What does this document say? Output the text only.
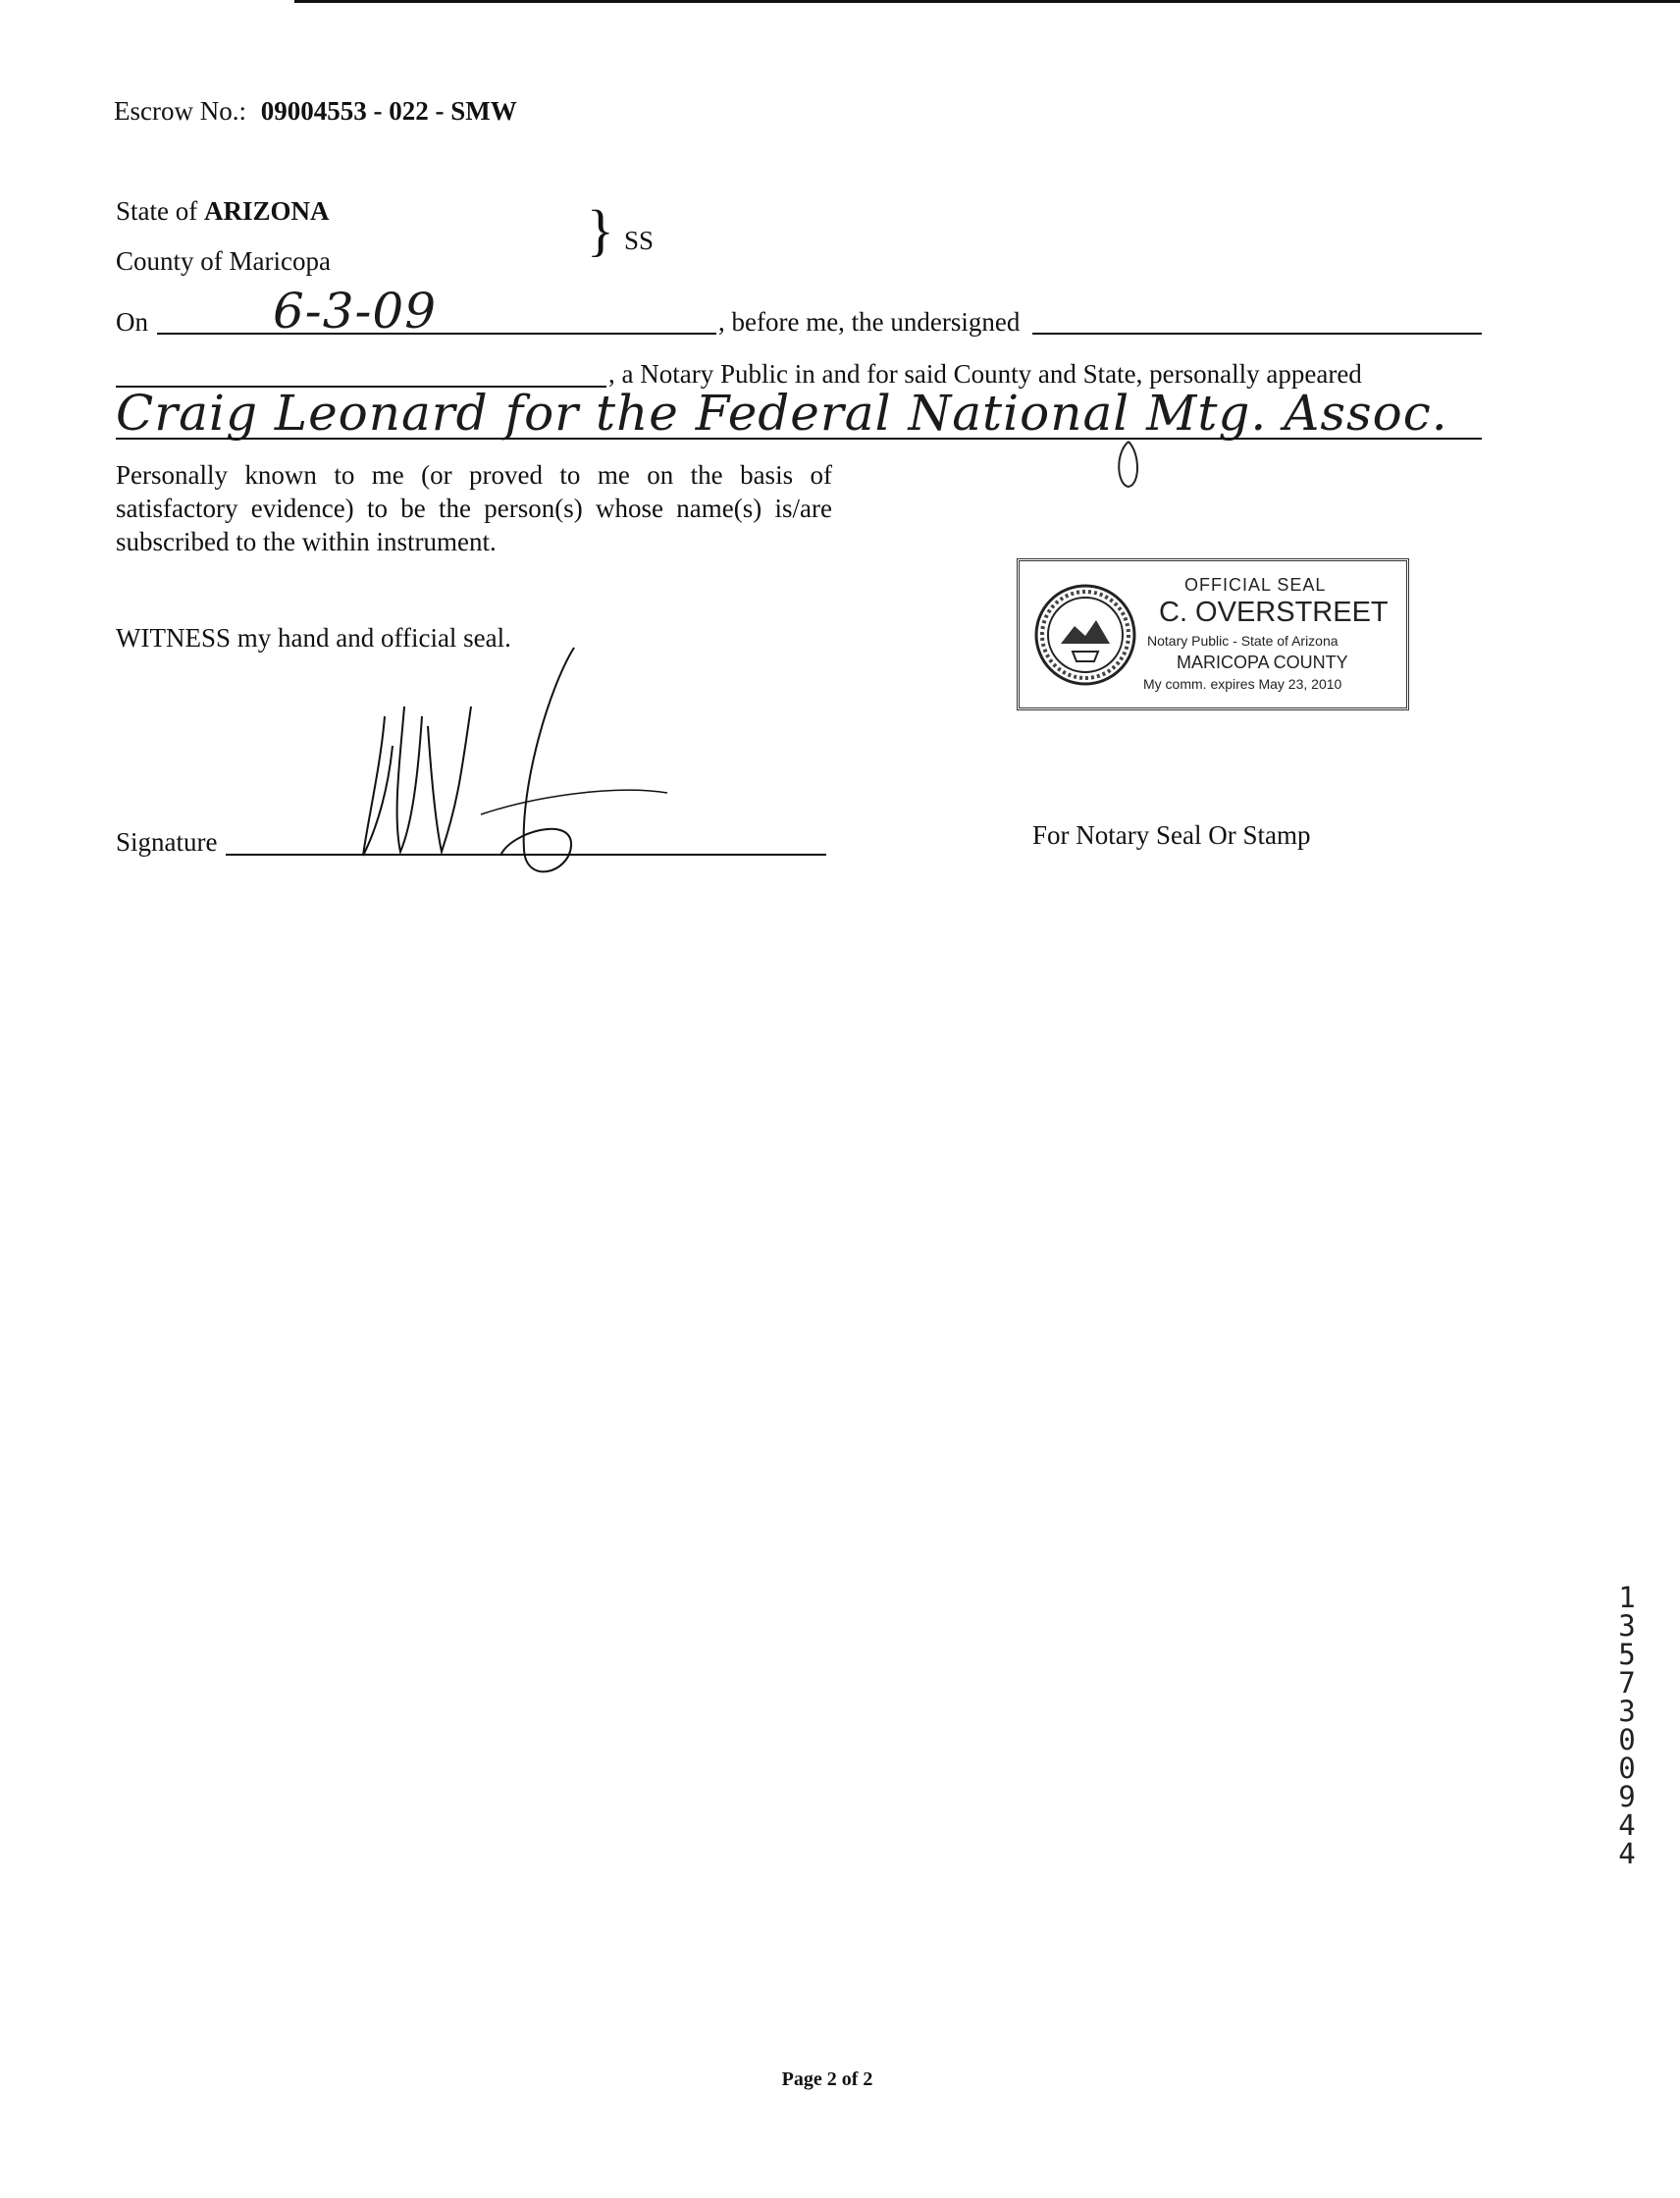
Escrow No.: 09004553 - 022 - SMW
State of ARIZONA
County of Maricopa	} SS
On	6-3-09	, before me, the undersigned
, a Notary Public in and for said County and State, personally appeared
Craig Leonard for the Federal National Mtg. Assoc.
Personally known to me (or proved to me on the basis of satisfactory evidence) to be the person(s) whose name(s) is/are subscribed to the within instrument.
WITNESS my hand and official seal.
Signature
OFFICIAL SEAL
C. OVERSTREET
Notary Public - State of Arizona
MARICOPA COUNTY
My comm. expires May 23, 2010
For Notary Seal Or Stamp
13573 00944
Page 2 of 2
